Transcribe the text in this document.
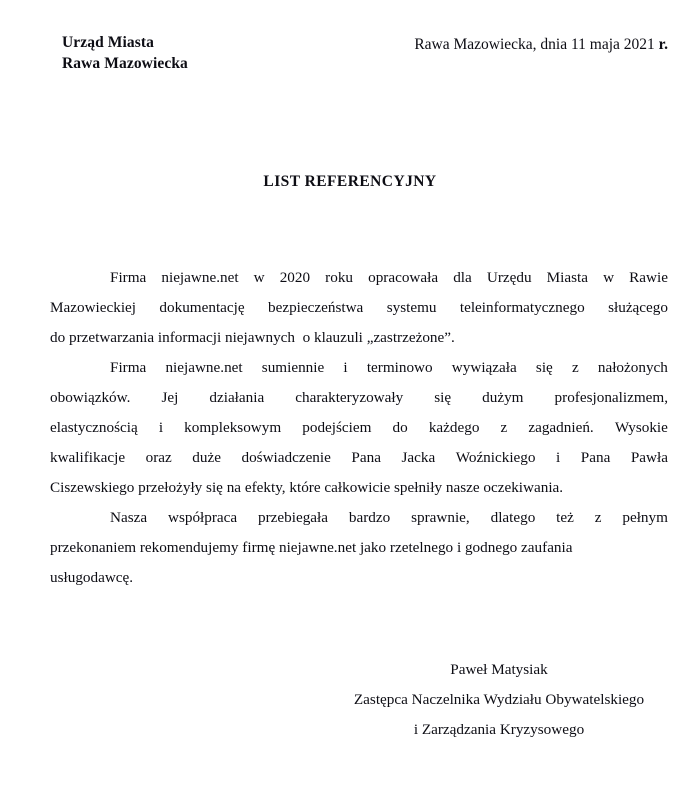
Urząd Miasta
Rawa Mazowiecka
Rawa Mazowiecka, dnia 11 maja 2021 r.
LIST REFERENCYJNY
Firma niejawne.net w 2020 roku opracowała dla Urzędu Miasta w Rawie
Mazowieckiej dokumentację bezpieczeństwa systemu teleinformatycznego służącego
do przetwarzania informacji niejawnych  o klauzuli „zastrzeżone”.
Firma niejawne.net sumiennie i terminowo wywiązała się z nałożonych
obowiązków. Jej działania charakteryzowały się dużym profesjonalizmem,
elastycznością i kompleksowym podejściem do każdego z zagadnień. Wysokie
kwalifikacje oraz duże doświadczenie Pana Jacka Woźnickiego i Pana Pawła
Ciszewskiego przełożyły się na efekty, które całkowicie spełniły nasze oczekiwania.
Nasza współpraca przebiegała bardzo sprawnie, dlatego też z pełnym
przekonaniem rekomendujemy firmę niejawne.net jako rzetelnego i godnego zaufania
usługodawcę.
Paweł Matysiak
Zastępca Naczelnika Wydziału Obywatelskiego
i Zarządzania Kryzysowego
